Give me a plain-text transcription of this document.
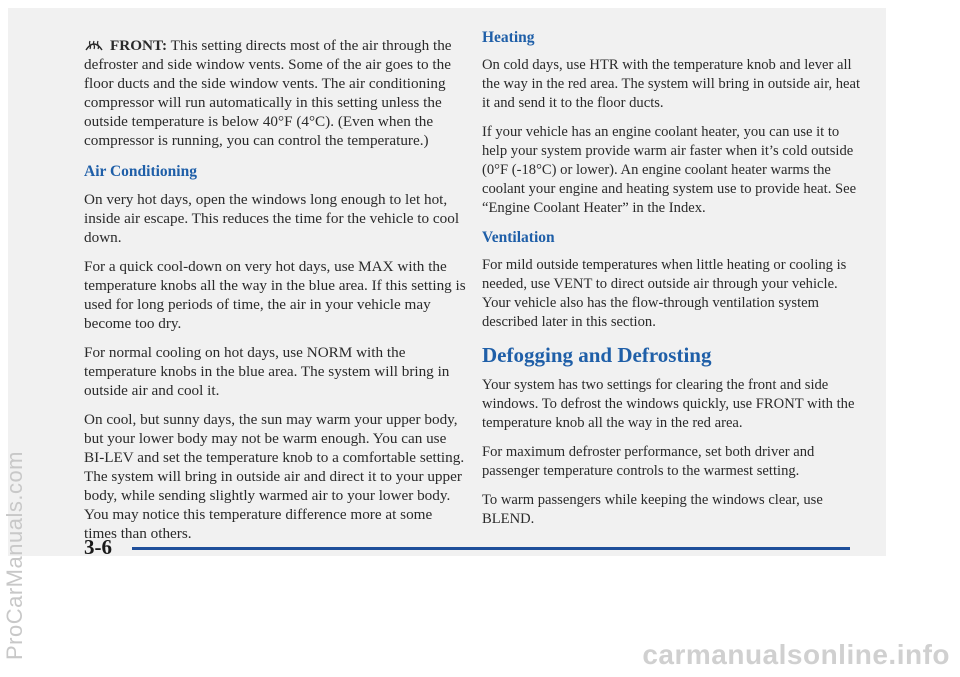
FRONT: This setting directs most of the air through the defroster and side window vents. Some of the air goes to the floor ducts and the side window vents. The air conditioning compressor will run automatically in this setting unless the outside temperature is below 40°F (4°C). (Even when the compressor is running, you can control the temperature.)

Air Conditioning

On very hot days, open the windows long enough to let hot, inside air escape. This reduces the time for the vehicle to cool down.

For a quick cool-down on very hot days, use MAX with the temperature knobs all the way in the blue area. If this setting is used for long periods of time, the air in your vehicle may become too dry.

For normal cooling on hot days, use NORM with the temperature knobs in the blue area. The system will bring in outside air and cool it.

On cool, but sunny days, the sun may warm your upper body, but your lower body may not be warm enough. You can use BI-LEV and set the temperature knob to a comfortable setting. The system will bring in outside air and direct it to your upper body, while sending slightly warmed air to your lower body. You may notice this temperature difference more at some times than others.

Heating

On cold days, use HTR with the temperature knob and lever all the way in the red area. The system will bring in outside air, heat it and send it to the floor ducts.

If your vehicle has an engine coolant heater, you can use it to help your system provide warm air faster when it’s cold outside (0°F (-18°C) or lower). An engine coolant heater warms the coolant your engine and heating system use to provide heat. See “Engine Coolant Heater” in the Index.

Ventilation

For mild outside temperatures when little heating or cooling is needed, use VENT to direct outside air through your vehicle. Your vehicle also has the flow-through ventilation system described later in this section.

Defogging and Defrosting

Your system has two settings for clearing the front and side windows. To defrost the windows quickly, use FRONT with the temperature knob all the way in the red area.

For maximum defroster performance, set both driver and passenger temperature controls to the warmest setting.

To warm passengers while keeping the windows clear, use BLEND.

3-6
ProCarManuals.com	carmanualsonline.info
